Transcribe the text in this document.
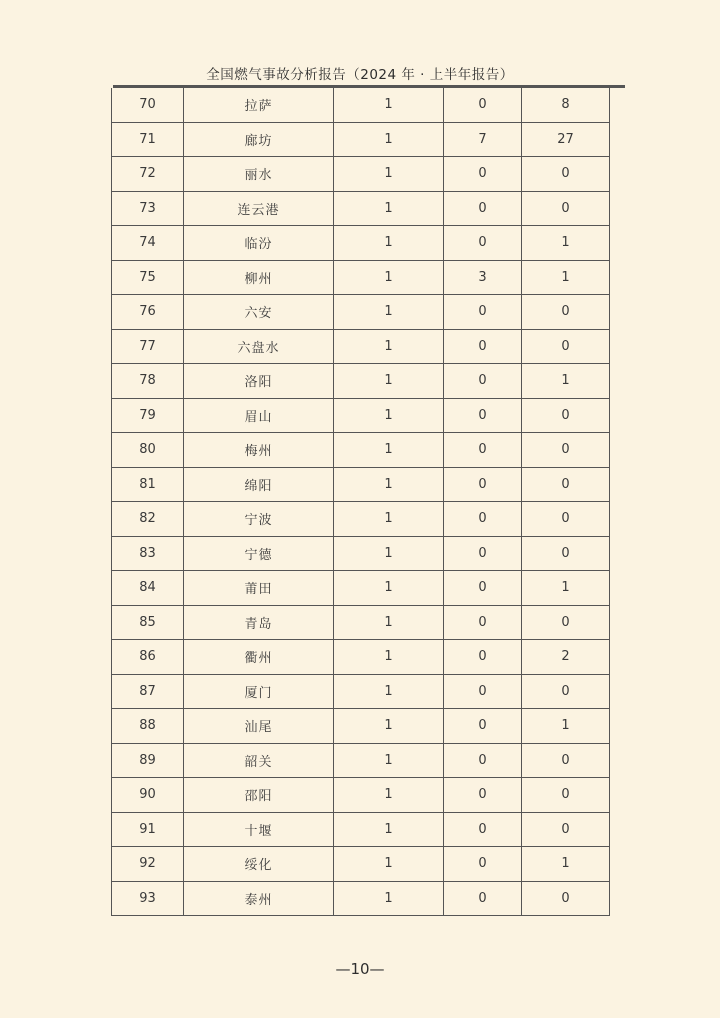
全国燃气事故分析报告（2024 年 · 上半年报告）
70	拉萨	1	0	8
71	廊坊	1	7	27
72	丽水	1	0	0
73	连云港	1	0	0
74	临汾	1	0	1
75	柳州	1	3	1
76	六安	1	0	0
77	六盘水	1	0	0
78	洛阳	1	0	1
79	眉山	1	0	0
80	梅州	1	0	0
81	绵阳	1	0	0
82	宁波	1	0	0
83	宁德	1	0	0
84	莆田	1	0	1
85	青岛	1	0	0
86	衢州	1	0	2
87	厦门	1	0	0
88	汕尾	1	0	1
89	韶关	1	0	0
90	邵阳	1	0	0
91	十堰	1	0	0
92	绥化	1	0	1
93	泰州	1	0	0
—10—
